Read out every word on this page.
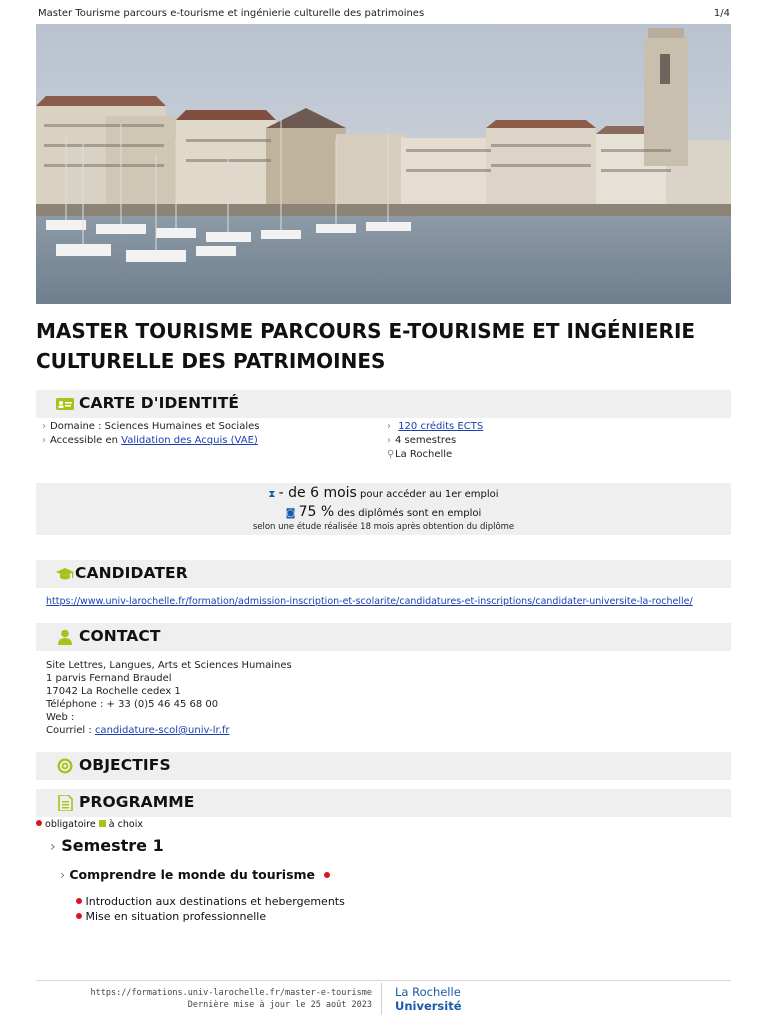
Master Tourisme parcours e-tourisme et ingénierie culturelle des patrimoines	1/4
MASTER TOURISME PARCOURS E-TOURISME ET INGÉNIERIE
CULTURELLE DES PATRIMOINES
CARTE D'IDENTITÉ
› Domaine : Sciences Humaines et Sociales
› Accessible en Validation des Acquis (VAE)
› 120 crédits ECTS
› 4 semestres
⚲La Rochelle
⧗ - de 6 mois pour accéder au 1er emploi
◙ 75 % des diplômés sont en emploi
selon une étude réalisée 18 mois après obtention du diplôme
CANDIDATER
https://www.univ-larochelle.fr/formation/admission-inscription-et-scolarite/candidatures-et-inscriptions/candidater-universite-la-rochelle/
CONTACT
Site Lettres, Langues, Arts et Sciences Humaines
1 parvis Fernand Braudel
17042 La Rochelle cedex 1
Téléphone : + 33 (0)5 46 45 68 00
Web :
Courriel : candidature-scol@univ-lr.fr
OBJECTIFS
PROGRAMME
obligatoire à choix
› Semestre 1
› Comprendre le monde du tourisme
Introduction aux destinations et hebergements
Mise en situation professionnelle
https://formations.univ-larochelle.fr/master-e-tourisme
Dernière mise à jour le 25 août 2023
La Rochelle
Université
